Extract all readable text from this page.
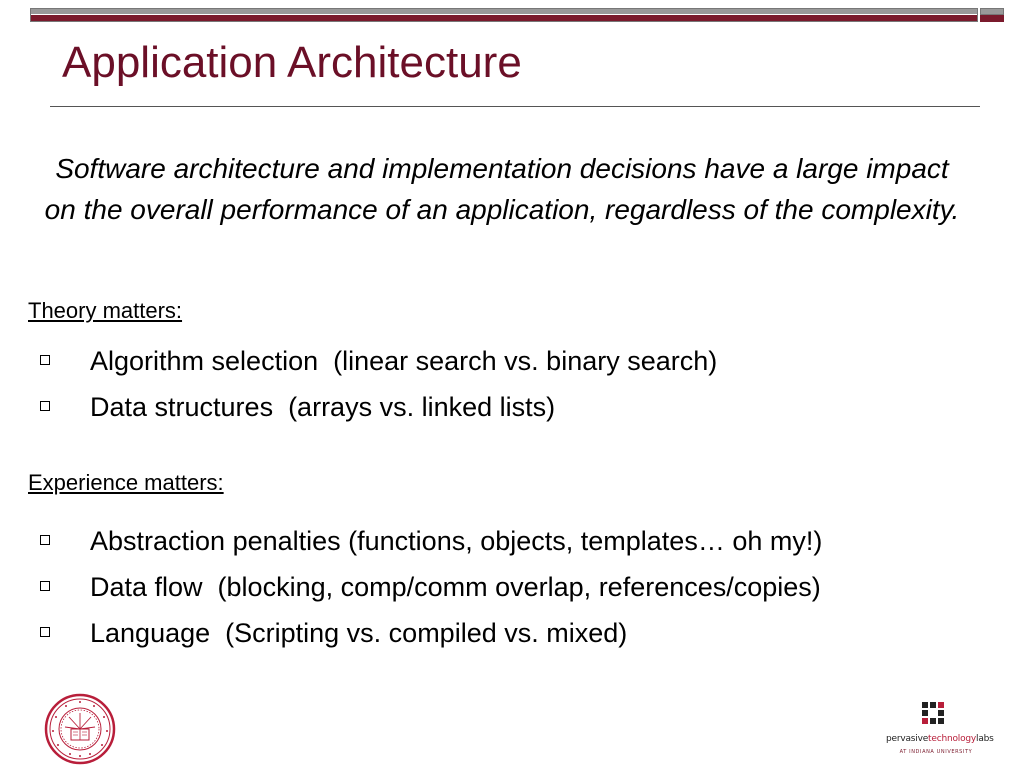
Application Architecture
Software architecture and implementation decisions have a large impact on the overall performance of an application, regardless of the complexity.
Theory matters:

Algorithm selection  (linear search vs. binary search)

Data structures  (arrays vs. linked lists)

Experience matters:

Abstraction penalties (functions, objects, templates… oh my!)

Data flow  (blocking, comp/comm overlap, references/copies)

Language  (Scripting vs. compiled vs. mixed)

pervasivetechnologylabs
AT INDIANA UNIVERSITY
